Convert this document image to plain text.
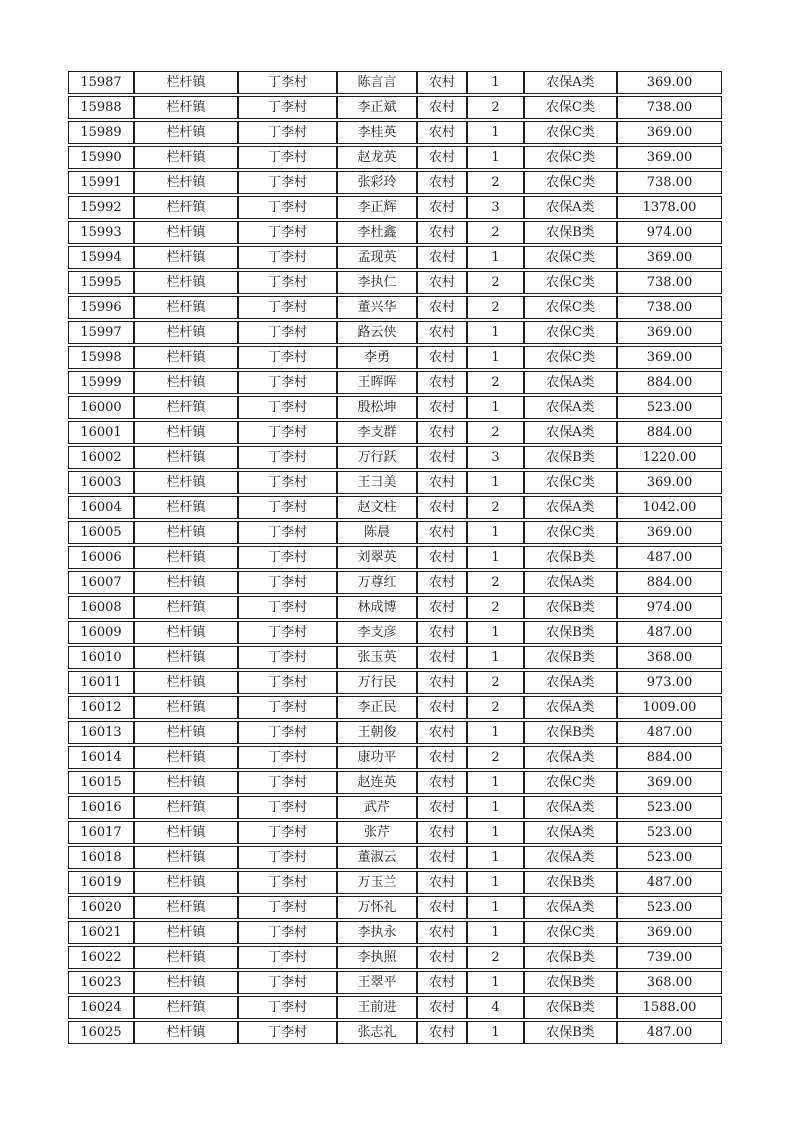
15987	栏杆镇	丁李村	陈言言	农村	1	农保A类	369.00
15988	栏杆镇	丁李村	李正斌	农村	2	农保C类	738.00
15989	栏杆镇	丁李村	李桂英	农村	1	农保C类	369.00
15990	栏杆镇	丁李村	赵龙英	农村	1	农保C类	369.00
15991	栏杆镇	丁李村	张彩玲	农村	2	农保C类	738.00
15992	栏杆镇	丁李村	李正辉	农村	3	农保A类	1378.00
15993	栏杆镇	丁李村	李杜鑫	农村	2	农保B类	974.00
15994	栏杆镇	丁李村	孟现英	农村	1	农保C类	369.00
15995	栏杆镇	丁李村	李执仁	农村	2	农保C类	738.00
15996	栏杆镇	丁李村	董兴华	农村	2	农保C类	738.00
15997	栏杆镇	丁李村	路云侠	农村	1	农保C类	369.00
15998	栏杆镇	丁李村	李勇	农村	1	农保C类	369.00
15999	栏杆镇	丁李村	王晖晖	农村	2	农保A类	884.00
16000	栏杆镇	丁李村	殷松坤	农村	1	农保A类	523.00
16001	栏杆镇	丁李村	李支群	农村	2	农保A类	884.00
16002	栏杆镇	丁李村	万行跃	农村	3	农保B类	1220.00
16003	栏杆镇	丁李村	王彐美	农村	1	农保C类	369.00
16004	栏杆镇	丁李村	赵文柱	农村	2	农保A类	1042.00
16005	栏杆镇	丁李村	陈晨	农村	1	农保C类	369.00
16006	栏杆镇	丁李村	刘翠英	农村	1	农保B类	487.00
16007	栏杆镇	丁李村	万尊红	农村	2	农保A类	884.00
16008	栏杆镇	丁李村	林成博	农村	2	农保B类	974.00
16009	栏杆镇	丁李村	李支彦	农村	1	农保B类	487.00
16010	栏杆镇	丁李村	张玉英	农村	1	农保B类	368.00
16011	栏杆镇	丁李村	万行民	农村	2	农保A类	973.00
16012	栏杆镇	丁李村	李正民	农村	2	农保A类	1009.00
16013	栏杆镇	丁李村	王朝俊	农村	1	农保B类	487.00
16014	栏杆镇	丁李村	康功平	农村	2	农保A类	884.00
16015	栏杆镇	丁李村	赵连英	农村	1	农保C类	369.00
16016	栏杆镇	丁李村	武芹	农村	1	农保A类	523.00
16017	栏杆镇	丁李村	张芹	农村	1	农保A类	523.00
16018	栏杆镇	丁李村	董淑云	农村	1	农保A类	523.00
16019	栏杆镇	丁李村	万玉兰	农村	1	农保B类	487.00
16020	栏杆镇	丁李村	万怀礼	农村	1	农保A类	523.00
16021	栏杆镇	丁李村	李执永	农村	1	农保C类	369.00
16022	栏杆镇	丁李村	李执照	农村	2	农保B类	739.00
16023	栏杆镇	丁李村	王翠平	农村	1	农保B类	368.00
16024	栏杆镇	丁李村	王前进	农村	4	农保B类	1588.00
16025	栏杆镇	丁李村	张志礼	农村	1	农保B类	487.00
